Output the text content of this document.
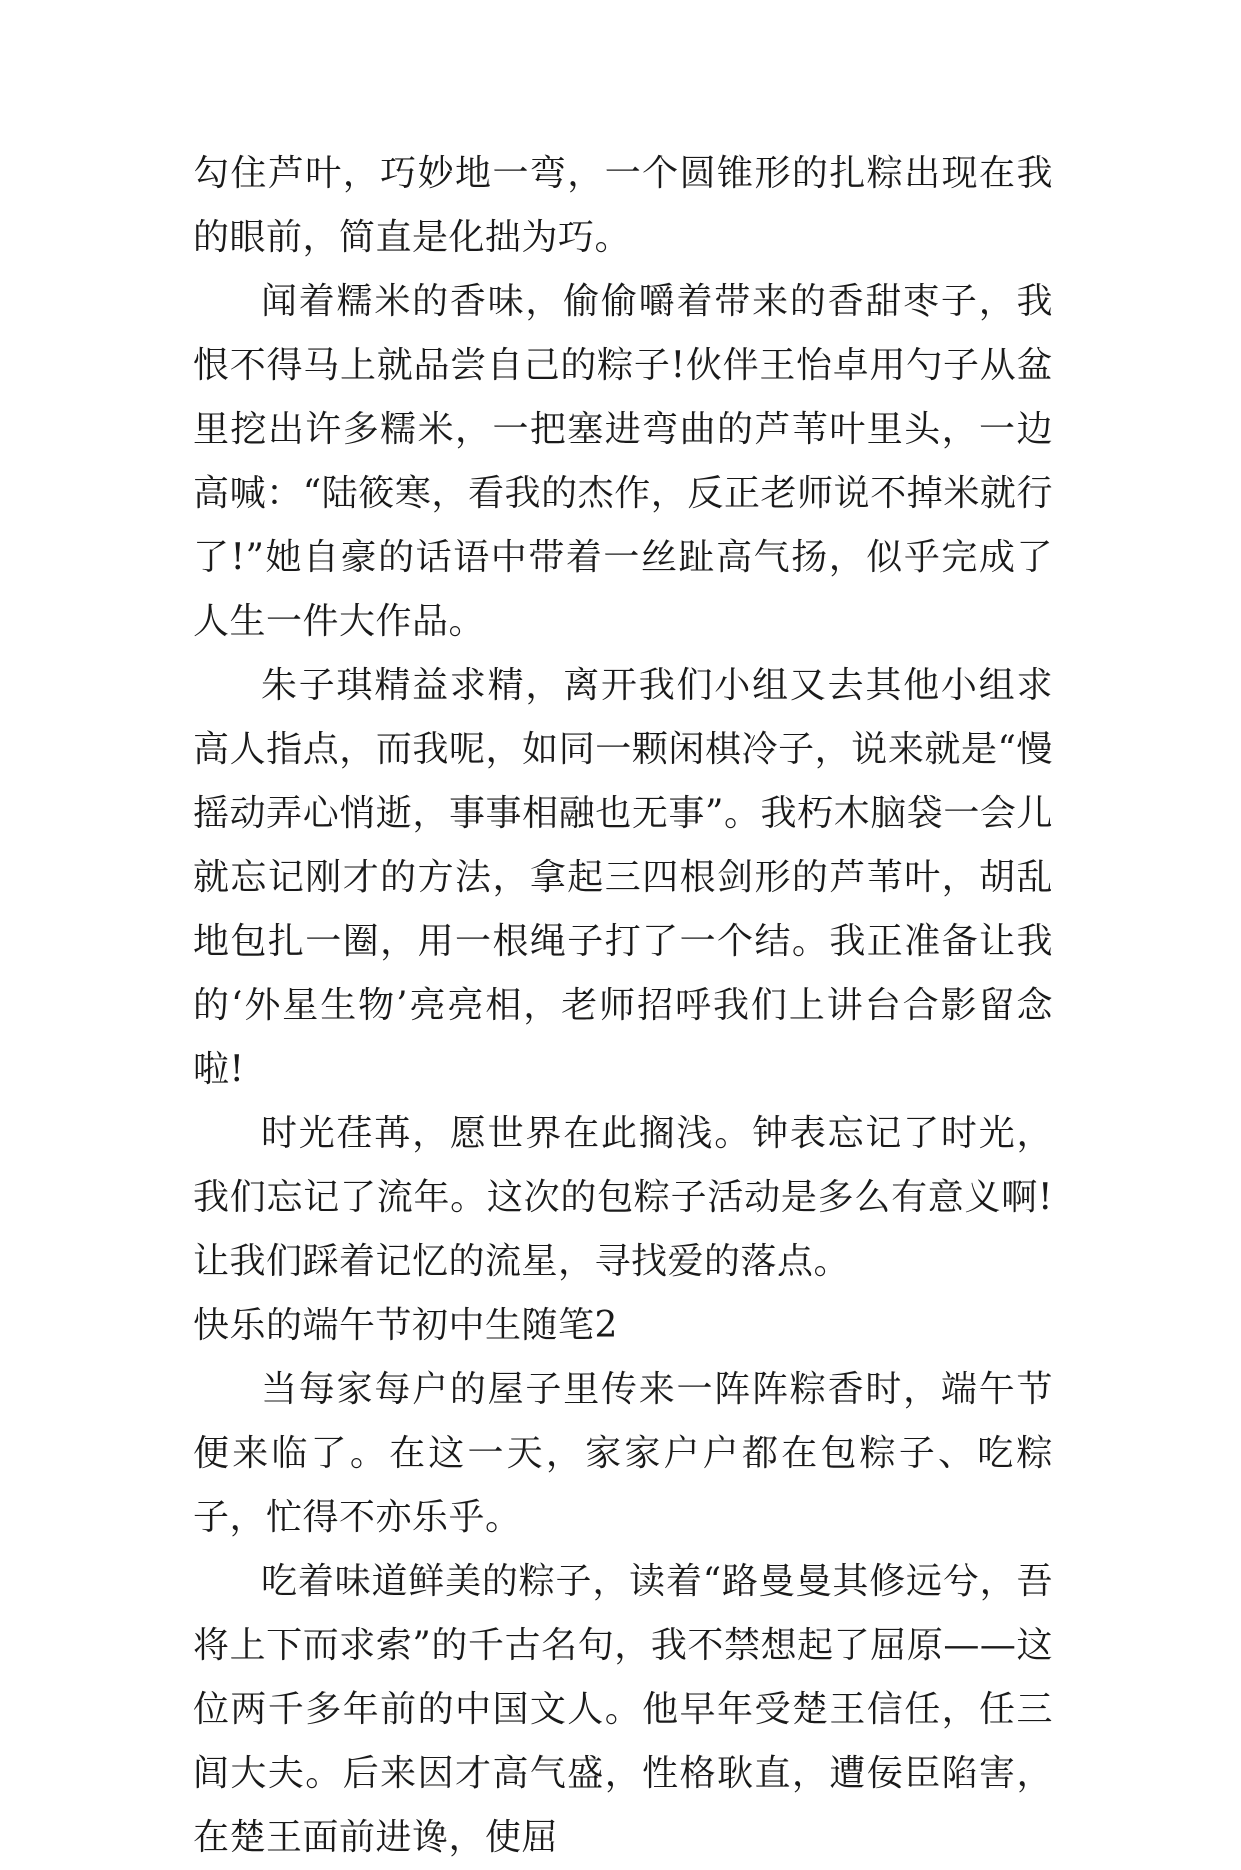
勾住芦叶，巧妙地一弯，一个圆锥形的扎粽出现在我的眼前，简直是化拙为巧。

闻着糯米的香味，偷偷嚼着带来的香甜枣子，我恨不得马上就品尝自己的粽子!伙伴王怡卓用勺子从盆里挖出许多糯米，一把塞进弯曲的芦苇叶里头，一边高喊：“陆筱寒，看我的杰作，反正老师说不掉米就行了!”她自豪的话语中带着一丝趾高气扬，似乎完成了人生一件大作品。

朱子琪精益求精，离开我们小组又去其他小组求高人指点，而我呢，如同一颗闲棋冷子，说来就是“慢摇动弄心悄逝，事事相融也无事”。我朽木脑袋一会儿就忘记刚才的方法，拿起三四根剑形的芦苇叶，胡乱地包扎一圈，用一根绳子打了一个结。我正准备让我的‘外星生物’亮亮相，老师招呼我们上讲台合影留念啦!

时光荏苒，愿世界在此搁浅。钟表忘记了时光，我们忘记了流年。这次的包粽子活动是多么有意义啊!让我们踩着记忆的流星，寻找爱的落点。

快乐的端午节初中生随笔2

当每家每户的屋子里传来一阵阵粽香时，端午节便来临了。在这一天，家家户户都在包粽子、吃粽子，忙得不亦乐乎。

吃着味道鲜美的粽子，读着“路曼曼其修远兮，吾将上下而求索”的千古名句，我不禁想起了屈原——这位两千多年前的中国文人。他早年受楚王信任，任三闾大夫。后来因才高气盛，性格耿直，遭佞臣陷害，在楚王面前进谗，使屈
